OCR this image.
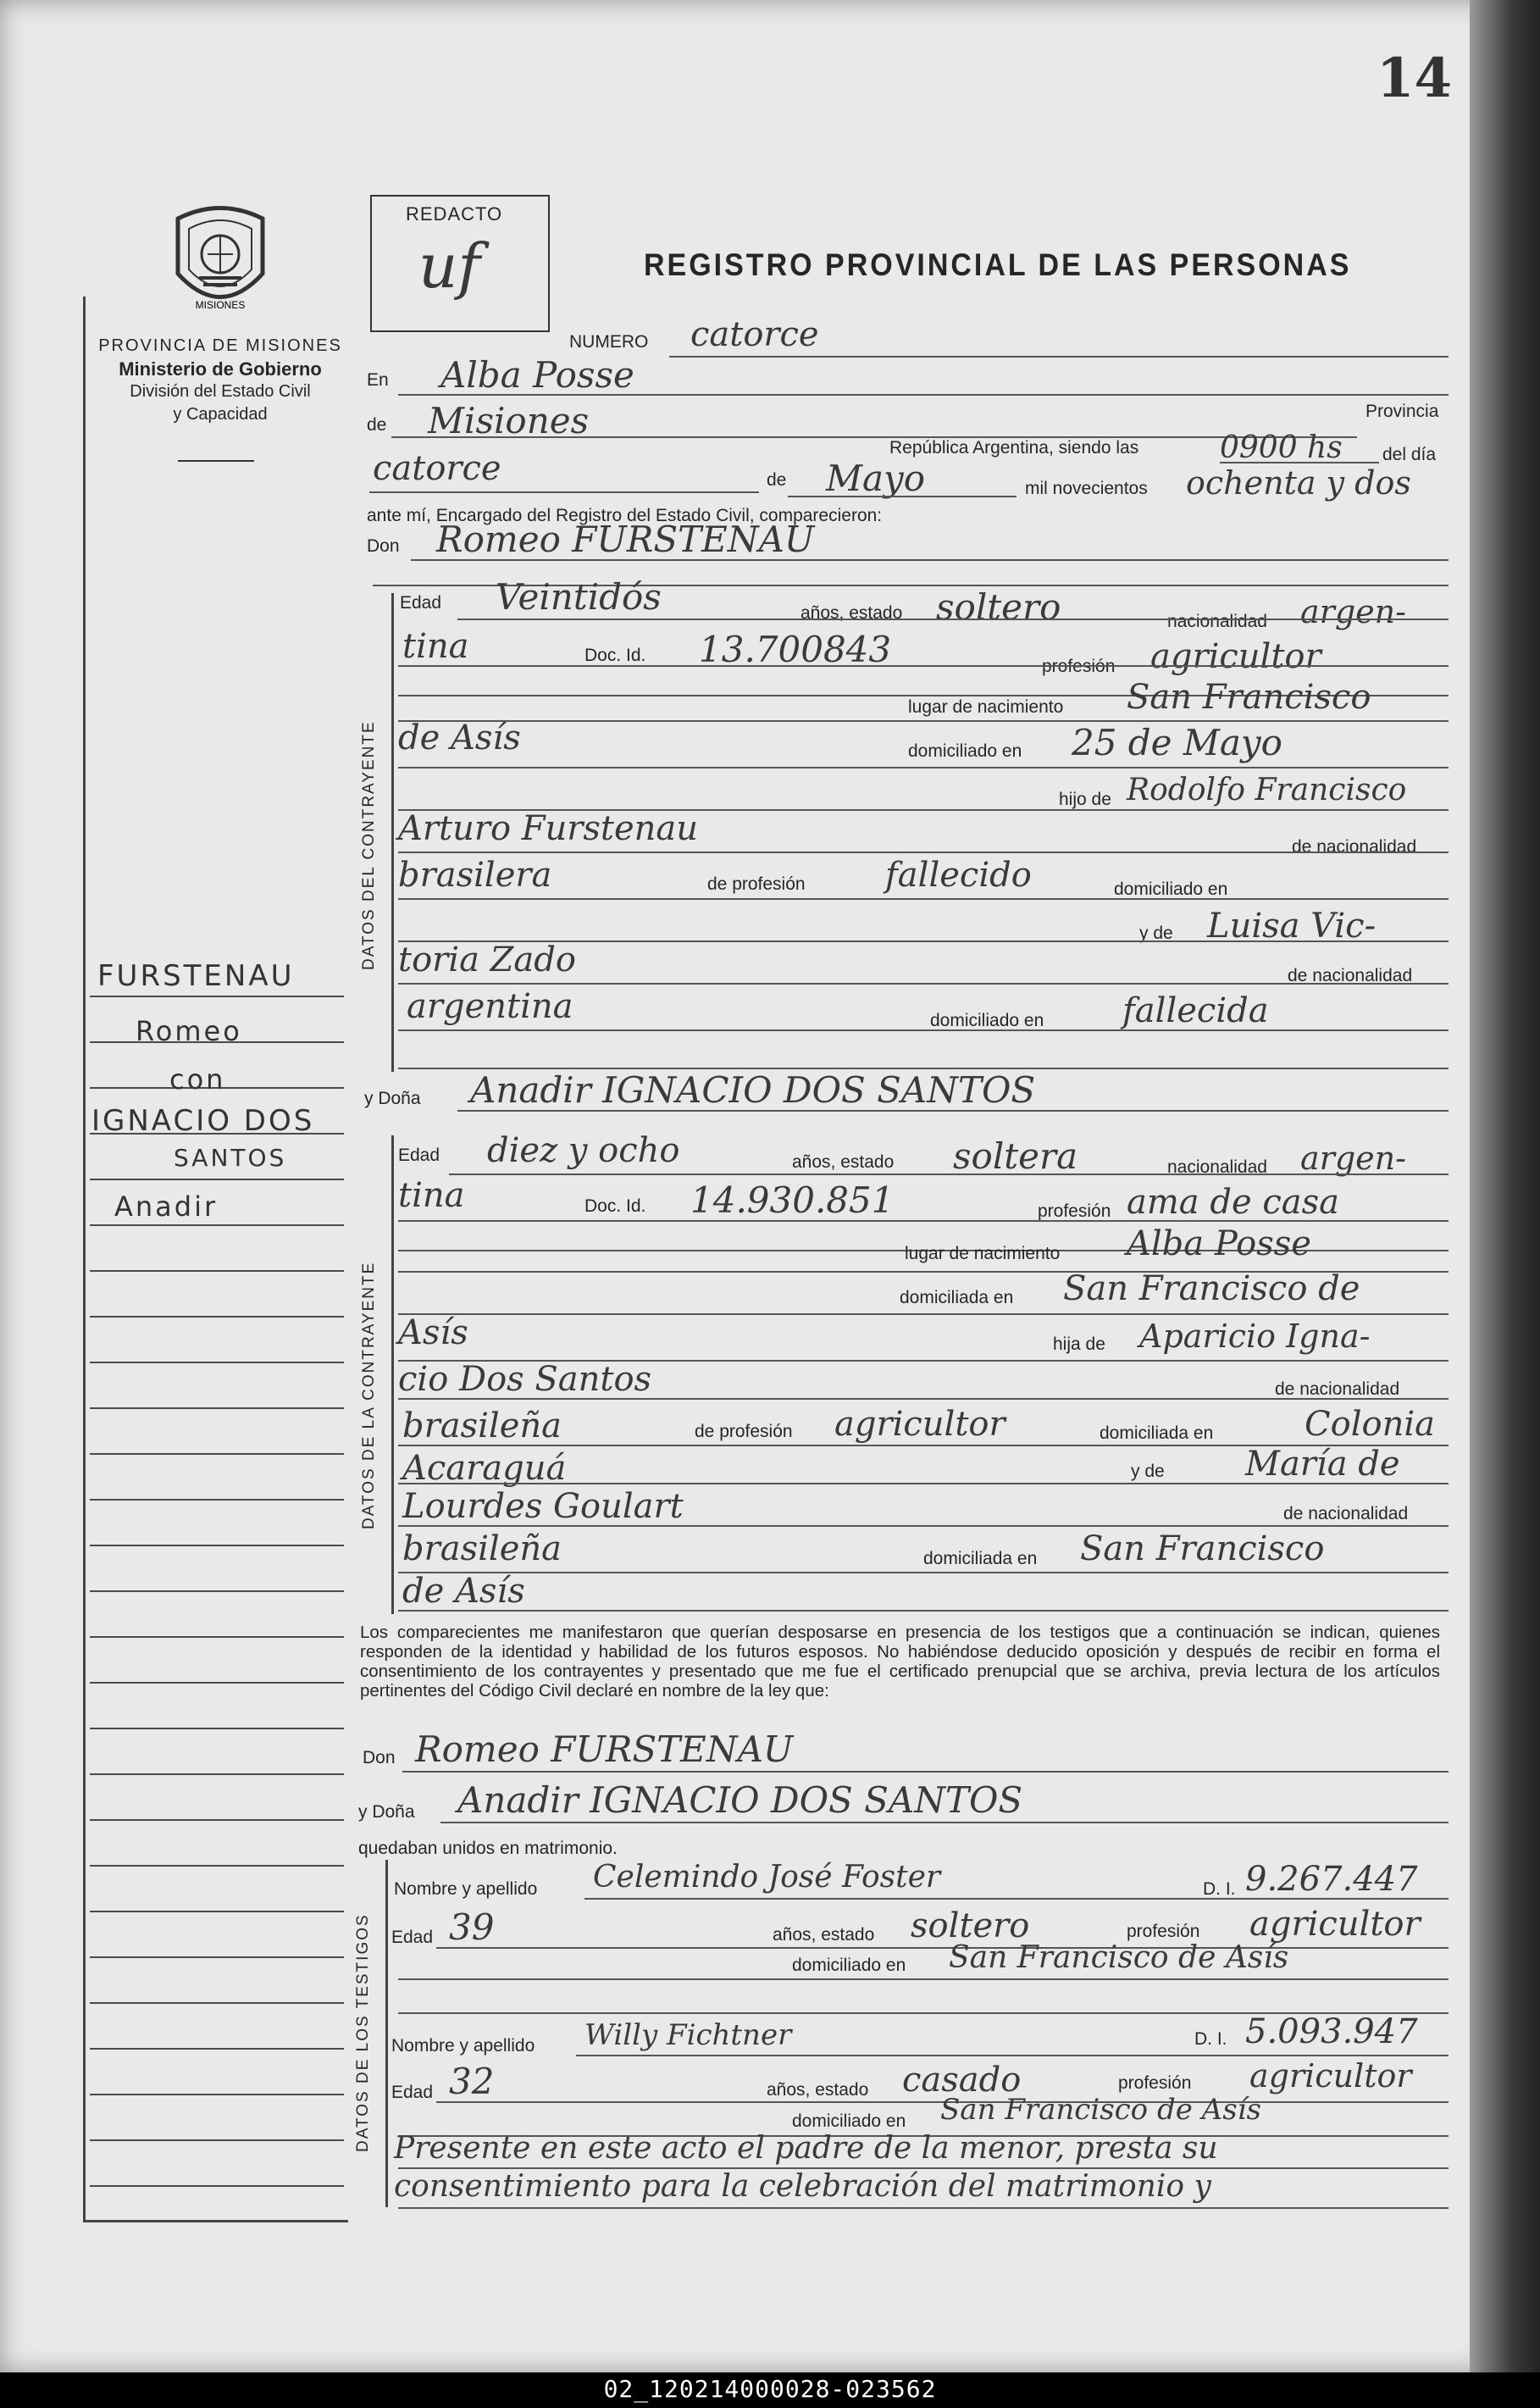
14
MISIONES
PROVINCIA DE MISIONES
Ministerio de Gobierno
División del Estado Civil
y Capacidad
FURSTENAU
Romeo
con
IGNACIO DOS
SANTOS
Anadir
REDACTO
uf	REGISTRO PROVINCIAL DE LAS PERSONAS
NUMERO catorce
En Alba Posse
de Misiones	Provincia
República Argentina, siendo las	0900 hs del día
catorce	de Mayo	mil novecientos ochenta y dos
ante mí, Encargado del Registro del Estado Civil, comparecieron:
Don Romeo FURSTENAU
DATOS DEL CONTRAYENTE
Edad Veintidós	años, estado soltero	nacionalidad argen-
tina	Doc. Id. 13.700843	profesión agricultor
lugar de nacimiento San Francisco
de Asís	domiciliado en 25 de Mayo
hijo de Rodolfo Francisco
Arturo Furstenau	de nacionalidad
brasilera	de profesión fallecido	domiciliado en
y de Luisa Vic-
toria Zado	de nacionalidad
argentina	domiciliado en fallecida
y Doña Anadir IGNACIO DOS SANTOS
DATOS DE LA CONTRAYENTE
Edad diez y ocho	años, estado soltera	nacionalidad argen-
tina	Doc. Id. 14.930.851	profesión ama de casa
lugar de nacimiento Alba Posse
domiciliada en San Francisco de
Asís	hija de Aparicio Igna-
cio Dos Santos	de nacionalidad
brasileña	de profesión agricultor	domiciliada en	Colonia
Acaraguá	y de María de
Lourdes Goulart	de nacionalidad
brasileña	domiciliada en San Francisco
de Asís
Los comparecientes me manifestaron que querían desposarse en presencia de los testigos que a continuación se indican, quienes responden de la identidad y habilidad de los futuros esposos. No habiéndose deducido oposición y después de recibir en forma el consentimiento de los contrayentes y presentado que me fue el certificado prenupcial que se archiva, previa lectura de los artículos pertinentes del Código Civil declaré en nombre de la ley que:
Don Romeo FURSTENAU
y Doña Anadir IGNACIO DOS SANTOS
quedaban unidos en matrimonio.
DATOS DE LOS TESTIGOS
Nombre y apellido Celemindo José Foster	D. I. 9.267.447
Edad 39	años, estado soltero	profesión agricultor
domiciliado en San Francisco de Asís
Nombre y apellido Willy Fichtner	D. I. 5.093.947
Edad 32	años, estado casado	profesión agricultor
domiciliado en San Francisco de Asís
Presente en este acto el padre de la menor, presta su
consentimiento para la celebración del matrimonio y
02_120214000028-023562
